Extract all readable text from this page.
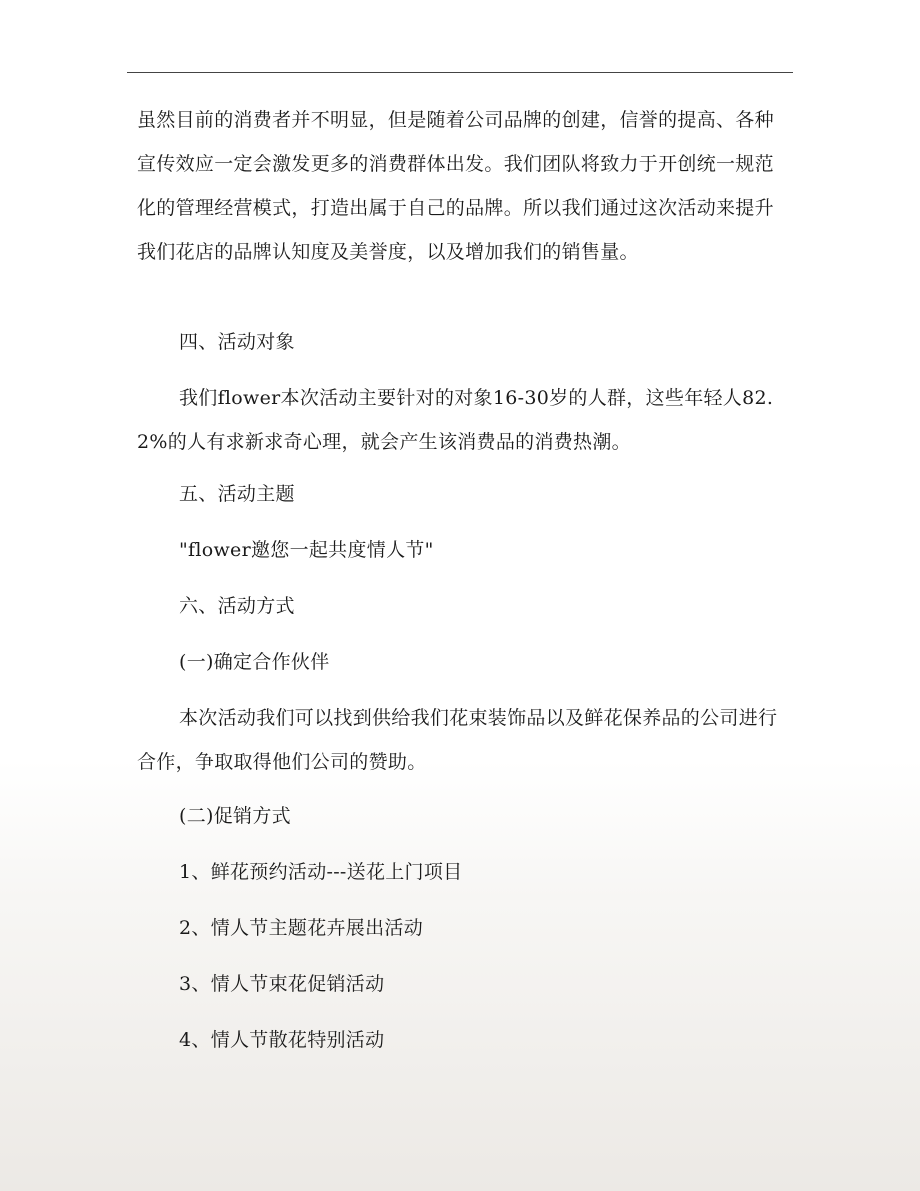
虽然目前的消费者并不明显，但是随着公司品牌的创建，信誉的提高、各种宣传效应一定会激发更多的消费群体出发。我们团队将致力于开创统一规范化的管理经营模式，打造出属于自己的品牌。所以我们通过这次活动来提升我们花店的品牌认知度及美誉度，以及增加我们的销售量。

四、活动对象

我们flower本次活动主要针对的对象16-30岁的人群，这些年轻人82.2%的人有求新求奇心理，就会产生该消费品的消费热潮。

五、活动主题

"flower邀您一起共度情人节"

六、活动方式

(一)确定合作伙伴

本次活动我们可以找到供给我们花束装饰品以及鲜花保养品的公司进行合作，争取取得他们公司的赞助。

(二)促销方式

1、鲜花预约活动---送花上门项目

2、情人节主题花卉展出活动

3、情人节束花促销活动

4、情人节散花特别活动
